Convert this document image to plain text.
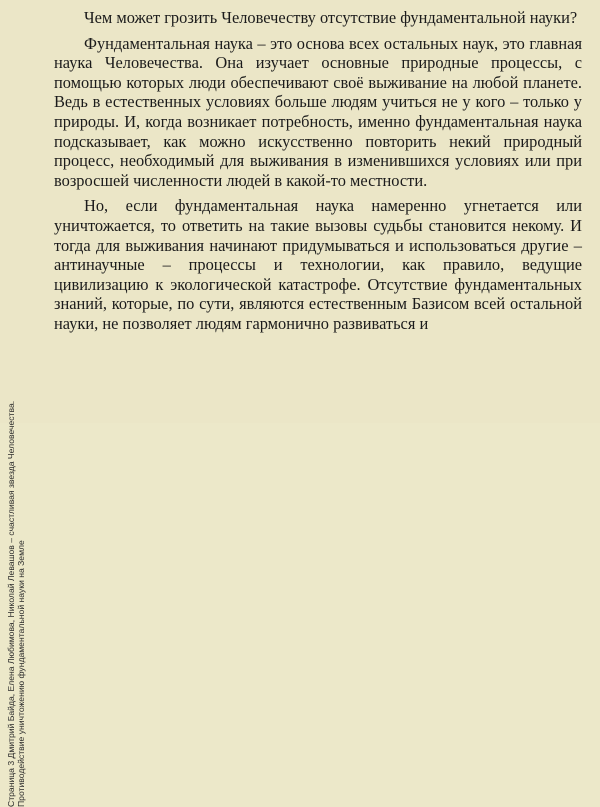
Страница 3 Дмитрий Байда, Елена Любимова, Николай Левашов – счастливая звезда Человечества. Противодействие уничтожению фундаментальной науки на Земле

Чем может грозить Человечеству отсутствие фундаментальной науки?

Фундаментальная наука – это основа всех остальных наук, это главная наука Человечества. Она изучает основные природные процессы, с помощью которых люди обеспечивают своё выживание на любой планете. Ведь в естественных условиях больше людям учиться не у кого – только у природы. И, когда возникает потребность, именно фундаментальная наука подсказывает, как можно искусственно повторить некий природный процесс, необходимый для выживания в изменившихся условиях или при возросшей численности людей в какой-то местности.

Но, если фундаментальная наука намеренно угнетается или уничтожается, то ответить на такие вызовы судьбы становится некому. И тогда для выживания начинают придумываться и использоваться другие – антинаучные – процессы и технологии, как правило, ведущие цивилизацию к экологической катастрофе. Отсутствие фундаментальных знаний, которые, по сути, являются естественным Базисом всей остальной науки, не позволяет людям гармонично развиваться и
